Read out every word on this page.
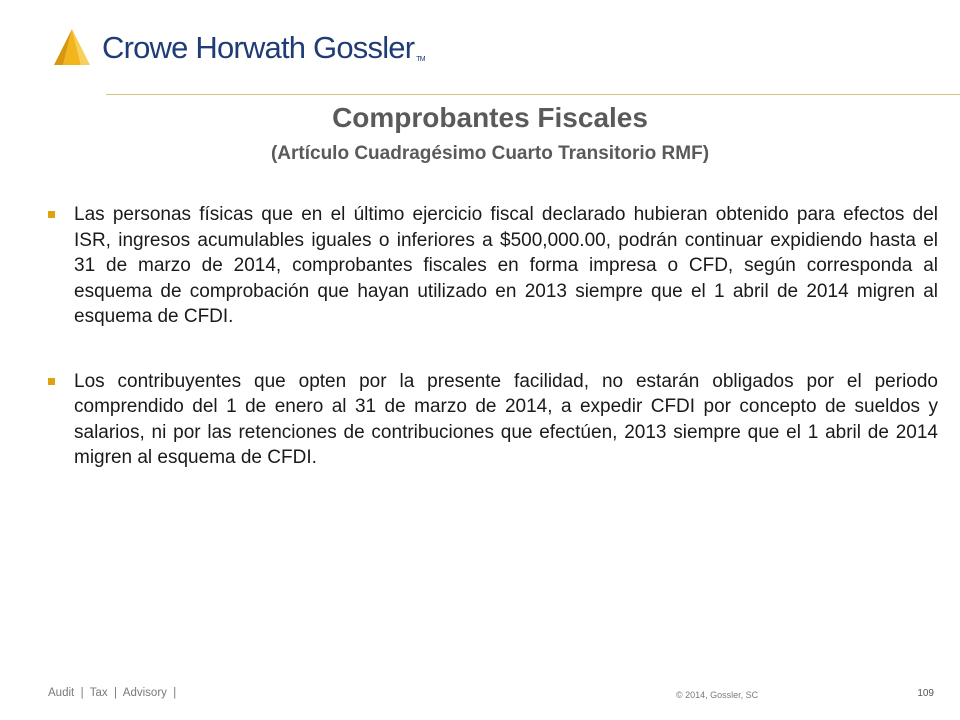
Crowe Horwath Gossler TM
Comprobantes Fiscales
(Artículo Cuadragésimo Cuarto Transitorio RMF)
Las personas físicas que en el último ejercicio fiscal declarado hubieran obtenido para efectos del ISR, ingresos acumulables iguales o inferiores a $500,000.00, podrán continuar expidiendo hasta el 31 de marzo de 2014, comprobantes fiscales en forma impresa o CFD, según corresponda al esquema de comprobación que hayan utilizado en 2013 siempre que el 1 abril de 2014 migren al esquema de CFDI.
Los contribuyentes que opten por la presente facilidad, no estarán obligados por el periodo comprendido del 1 de enero al 31 de marzo de 2014, a expedir CFDI por concepto de sueldos y salarios, ni por las retenciones de contribuciones que efectúen, 2013 siempre que el 1 abril de 2014 migren al esquema de CFDI.
Audit  |  Tax  |  Advisory  |	© 2014, Gossler, SC	109
